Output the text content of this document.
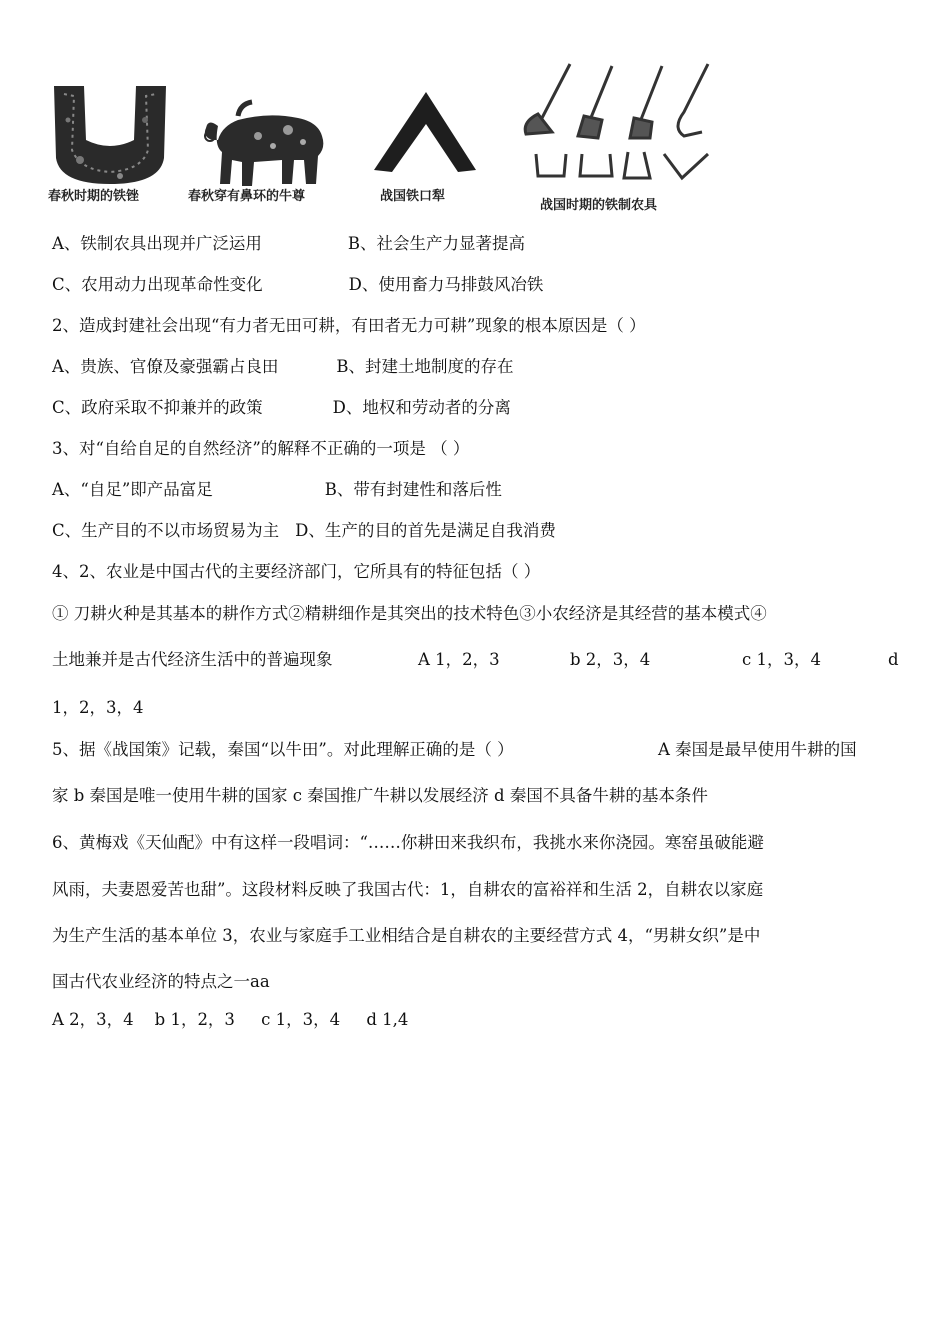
春秋时期的铁锉	春秋穿有鼻环的牛尊	战国铁口犁
战国时期的铁制农具
A、铁制农具出现并广泛运用	B、社会生产力显著提高
C、农用动力出现革命性变化	D、使用畜力马排鼓风冶铁
2、造成封建社会出现“有力者无田可耕，有田者无力可耕”现象的根本原因是（ ）
A、贵族、官僚及豪强霸占良田	B、封建土地制度的存在
C、政府采取不抑兼并的政策	D、地权和劳动者的分离
3、对“自给自足的自然经济”的解释不正确的一项是 （ ）
A、“自足”即产品富足	B、带有封建性和落后性
C、生产目的不以市场贸易为主 D、生产的目的首先是满足自我消费
4、2、农业是中国古代的主要经济部门，它所具有的特征包括（ ）
① 刀耕火种是其基本的耕作方式②精耕细作是其突出的技术特色③小农经济是其经营的基本模式④
土地兼并是古代经济生活中的普遍现象	A 1，2，3	b 2，3，4	c 1，3，4	d
1，2，3，4
5、据《战国策》记载，秦国“以牛田”。对此理解正确的是（ ）	A 秦国是最早使用牛耕的国
家 b 秦国是唯一使用牛耕的国家 c 秦国推广牛耕以发展经济 d 秦国不具备牛耕的基本条件
6、黄梅戏《天仙配》中有这样一段唱词：“……你耕田来我织布，我挑水来你浇园。寒窑虽破能避
风雨，夫妻恩爱苦也甜”。这段材料反映了我国古代：1，自耕农的富裕祥和生活 2，自耕农以家庭
为生产生活的基本单位 3，农业与家庭手工业相结合是自耕农的主要经营方式 4，“男耕女织”是中
国古代农业经济的特点之一aa
A 2，3，4    b 1，2，3     c 1，3，4     d 1,4
